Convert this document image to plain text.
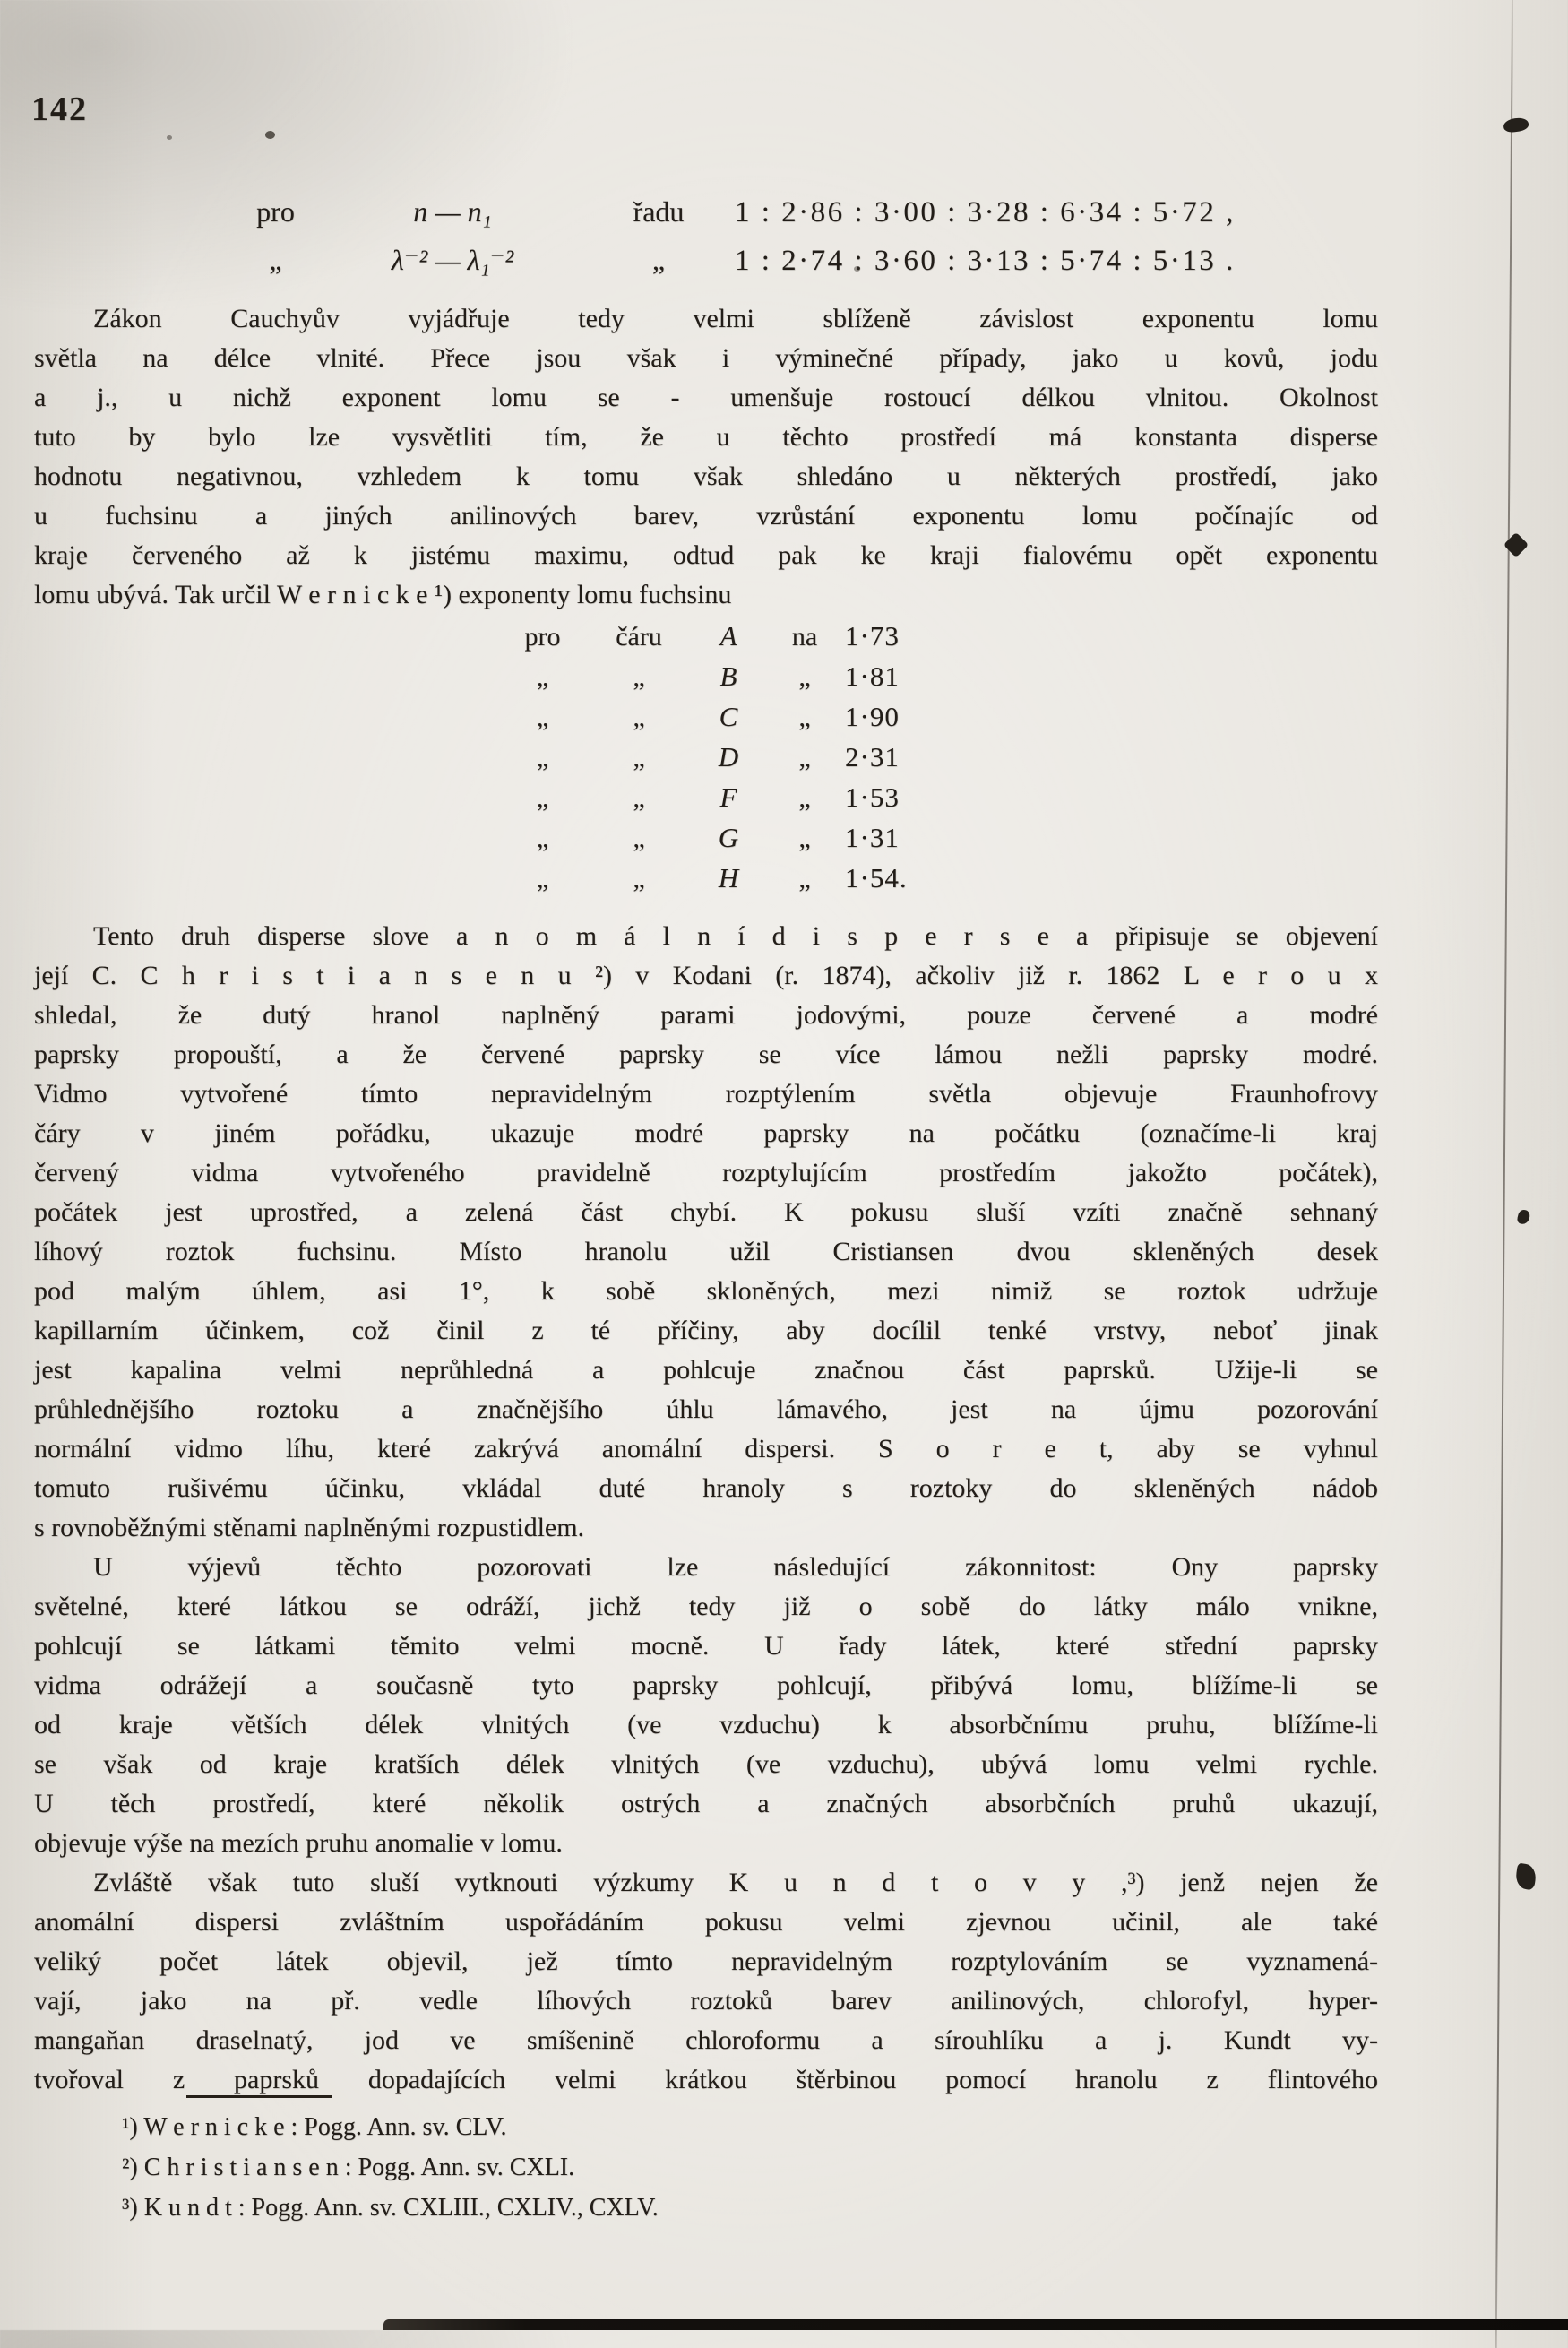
142
pro	n — n₁	řadu	1 : 2·86 : 3·00 : 3·28 : 6·34 : 5·72 ,
„	λ⁻² — λ₁⁻²	„	1 : 2·74 : 3·60 : 3·13 : 5·74 : 5·13 .
Zákon Cauchyův vyjádřuje tedy velmi sblíženě závislost exponentu lomu
světla na délce vlnité. Přece jsou však i výminečné případy, jako u kovů, jodu
a j., u nichž exponent lomu se - umenšuje rostoucí délkou vlnitou. Okolnost
tuto by bylo lze vysvětliti tím, že u těchto prostředí má konstanta disperse
hodnotu negativnou, vzhledem k tomu však shledáno u některých prostředí, jako
u fuchsinu a jiných anilinových barev, vzrůstání exponentu lomu počínajíc od
kraje červeného až k jistému maximu, odtud pak ke kraji fialovému opět exponentu
lomu ubývá. Tak určil W e r n i c k e ¹) exponenty lomu fuchsinu
pro	čáru	A	na 1·73
„	„	B	„	1·81
„	„	C	„	1·90
„	„	D	„	2·31
„	„	F	„	1·53
„	„	G	„	1·31
„	„	H	„	1·54.
Tento druh disperse slove a n o m á l n í d i s p e r s e a připisuje se objevení
její C. C h r i s t i a n s e n u ²) v Kodani (r. 1874), ačkoliv již r. 1862 L e r o u x
shledal, že dutý hranol naplněný parami jodovými, pouze červené a modré
paprsky propouští, a že červené paprsky se více lámou nežli paprsky modré.
Vidmo vytvořené tímto nepravidelným rozptýlením světla objevuje Fraunhofrovy
čáry v jiném pořádku, ukazuje modré paprsky na počátku (označíme-li kraj
červený vidma vytvořeného pravidelně rozptylujícím prostředím jakožto počátek),
počátek jest uprostřed, a zelená část chybí. K pokusu sluší vzíti značně sehnaný
líhový roztok fuchsinu. Místo hranolu užil Cristiansen dvou skleněných desek
pod malým úhlem, asi 1°, k sobě skloněných, mezi nimiž se roztok udržuje
kapillarním účinkem, což činil z té příčiny, aby docílil tenké vrstvy, neboť jinak
jest kapalina velmi neprůhledná a pohlcuje značnou část paprsků. Užije-li se
průhlednějšího roztoku a značnějšího úhlu lámavého, jest na újmu pozorování
normální vidmo líhu, které zakrývá anomální dispersi. S o r e t, aby se vyhnul
tomuto rušivému účinku, vkládal duté hranoly s roztoky do skleněných nádob
s rovnoběžnými stěnami naplněnými rozpustidlem.
U výjevů těchto pozorovati lze následující zákonnitost: Ony paprsky
světelné, které látkou se odráží, jichž tedy již o sobě do látky málo vnikne,
pohlcují se látkami těmito velmi mocně. U řady látek, které střední paprsky
vidma odrážejí a současně tyto paprsky pohlcují, přibývá lomu, blížíme-li se
od kraje větších délek vlnitých (ve vzduchu) k absorbčnímu pruhu, blížíme-li
se však od kraje kratších délek vlnitých (ve vzduchu), ubývá lomu velmi rychle.
U těch prostředí, které několik ostrých a značných absorbčních pruhů ukazují,
objevuje výše na mezích pruhu anomalie v lomu.
Zvláště však tuto sluší vytknouti výzkumy K u n d t o v y ,³) jenž nejen že
anomální dispersi zvláštním uspořádáním pokusu velmi zjevnou učinil, ale také
veliký počet látek objevil, jež tímto nepravidelným rozptylováním se vyznamená-
vají, jako na př. vedle líhových roztoků barev anilinových, chlorofyl, hyper-
mangaňan draselnatý, jod ve smíšenině chloroformu a sírouhlíku a j. Kundt vy-
tvořoval z paprsků dopadajících velmi krátkou štěrbinou pomocí hranolu z flintového
¹) W e r n i c k e : Pogg. Ann. sv. CLV.
²) C h r i s t i a n s e n : Pogg. Ann. sv. CXLI.
³) K u n d t : Pogg. Ann. sv. CXLIII., CXLIV., CXLV.
